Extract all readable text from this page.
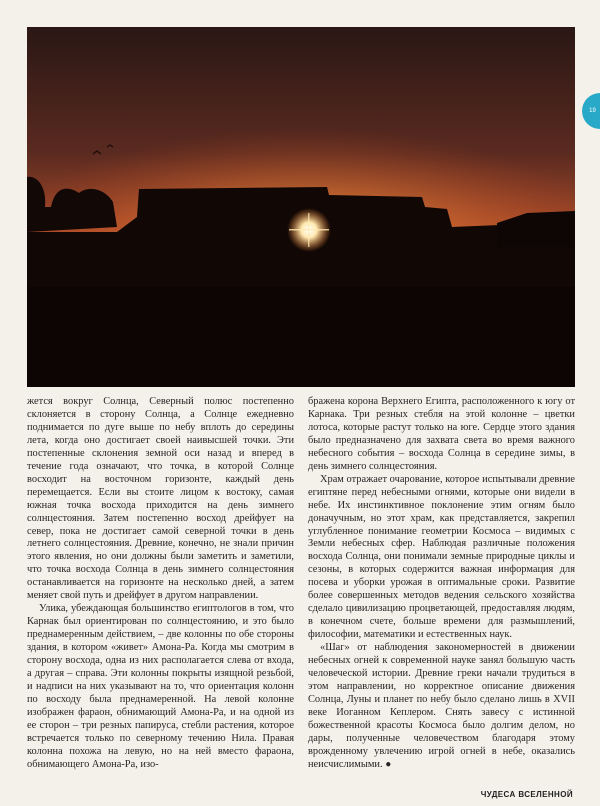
19

жется вокруг Солнца, Северный полюс постепенно склоняется в сторону Солнца, а Солнце ежедневно поднимается по дуге выше по небу вплоть до середины лета, когда оно достигает своей наивысшей точки. Эти постепенные склонения земной оси назад и вперед в течение года означают, что точка, в которой Солнце восходит на восточном горизонте, каждый день перемещается. Если вы стоите лицом к востоку, самая южная точка восхода приходится на день зимнего солнцестояния. Затем постепенно восход дрейфует на север, пока не достигает самой северной точки в день летнего солнцестояния. Древние, конечно, не знали причин этого явления, но они должны были заметить и заметили, что точка восхода Солнца в день зимнего солнцестояния останавливается на горизонте на несколько дней, а затем меняет свой путь и дрейфует в другом направлении.

Улика, убеждающая большинство египтологов в том, что Карнак был ориентирован по солнцестоянию, и это было преднамеренным действием, – две колонны по обе стороны здания, в котором «живет» Амона-Ра. Когда мы смотрим в сторону восхода, одна из них располагается слева от входа, а другая – справа. Эти колонны покрыты изящной резьбой, и надписи на них указывают на то, что ориентация колонн по восходу была преднамеренной. На левой колонне изображен фараон, обнимающий Амона-Ра, и на одной из ее сторон – три резных папируса, стебли растения, которое встречается только по северному течению Нила. Правая колонна похожа на левую, но на ней вместо фараона, обнимающего Амона-Ра, изо-

бражена корона Верхнего Египта, расположенного к югу от Карнака. Три резных стебля на этой колонне – цветки лотоса, которые растут только на юге. Сердце этого здания было предназначено для захвата света во время важного небесного события – восхода Солнца в середине зимы, в день зимнего солнцестояния.

Храм отражает очарование, которое испытывали древние египтяне перед небесными огнями, которые они видели в небе. Их инстинктивное поклонение этим огням было доначучным, но этот храм, как представляется, закрепил углубленное понимание геометрии Космоса – видимых с Земли небесных сфер. Наблюдая различные положения восхода Солнца, они понимали земные природные циклы и сезоны, в которых содержится важная информация для посева и уборки урожая в оптимальные сроки. Развитие более совершенных методов ведения сельского хозяйства сделало цивилизацию процветающей, предоставляя людям, в конечном счете, больше времени для размышлений, философии, математики и естественных наук.

«Шаг» от наблюдения закономерностей в движении небесных огней к современной науке занял большую часть человеческой истории. Древние греки начали трудиться в этом направлении, но корректное описание движения Солнца, Луны и планет по небу было сделано лишь в XVII веке Иоганном Кеплером. Снять завесу с истинной божественной красоты Космоса было долгим делом, но дары, полученные человечеством благодаря этому врожденному увлечению игрой огней в небе, оказались неисчислимыми. ●

ЧУДЕСА ВСЕЛЕННОЙ
